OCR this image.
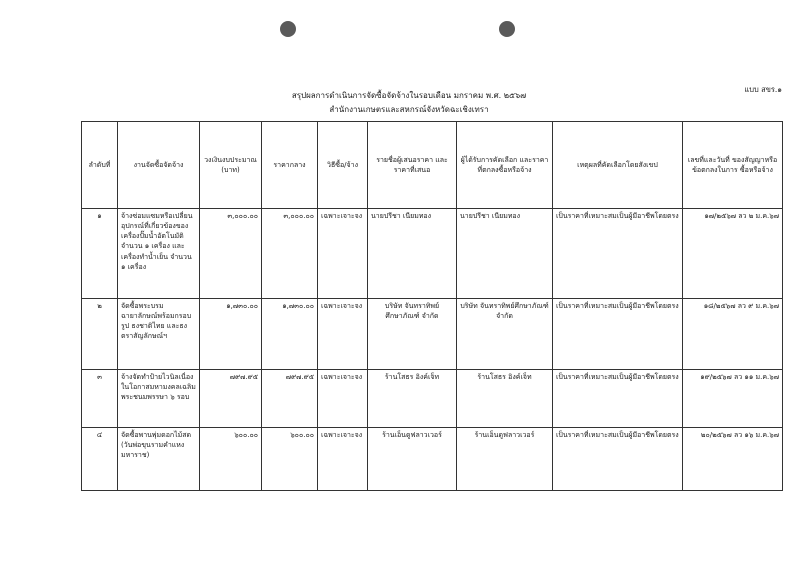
แบบ สขร.๑
สรุปผลการดำเนินการจัดซื้อจัดจ้างในรอบเดือน มกราคม พ.ศ. ๒๕๖๗
สำนักงานเกษตรและสหกรณ์จังหวัดฉะเชิงเทรา
ลำดับที่	งานจัดซื้อจัดจ้าง	วงเงินงบประมาณ (บาท)	ราคากลาง	วิธีซื้อ/จ้าง	รายชื่อผู้เสนอราคา และราคาที่เสนอ	ผู้ได้รับการคัดเลือก และราคาที่ตกลงซื้อหรือจ้าง	เหตุผลที่คัดเลือกโดยสังเขป	เลขที่และวันที่ ของสัญญาหรือ ข้อตกลงในการ ซื้อหรือจ้าง
๑	จ้างซ่อมแซมหรือเปลี่ยนอุปกรณ์ที่เกี่ยวข้องของเครื่องปั๊มน้ำอัตโนมัติ จำนวน ๑ เครื่อง และเครื่องทำน้ำเย็น จำนวน ๑ เครื่อง	๓,๐๐๐.๐๐	๓,๐๐๐.๐๐	เฉพาะเจาะจง	นายปรีชา เนียมทอง	นายปรีชา เนียมทอง	เป็นราคาที่เหมาะสมเป็นผู้มีอาชีพโดยตรง	๑๗/๒๕๖๗ ลว ๒ ม.ค.๖๗
๒	จัดซื้อพระบรมฉายาลักษณ์พร้อมกรอบรูป ธงชาติไทย และธงตราสัญลักษณ์ฯ	๑,๗๓๐.๐๐	๑,๗๓๐.๐๐	เฉพาะเจาะจง	บริษัท จันทราทิพย์ศึกษาภัณฑ์ จำกัด	บริษัท จันทราทิพย์ศึกษาภัณฑ์ จำกัด	เป็นราคาที่เหมาะสมเป็นผู้มีอาชีพโดยตรง	๑๘/๒๕๖๗ ลว ๙ ม.ค.๖๗
๓	จ้างจัดทำป้ายไวนิลเนื่องในโอกาสมหามงคลเฉลิมพระชนมพรรษา ๖ รอบ	๗๙๗.๙๕	๗๙๗.๙๕	เฉพาะเจาะจง	ร้านโสธร อิงค์เจ็ท	ร้านโสธร อิงค์เจ็ท	เป็นราคาที่เหมาะสมเป็นผู้มีอาชีพโดยตรง	๑๙/๒๕๖๗ ลว ๑๑ ม.ค.๖๗
๔	จัดซื้อพานพุ่มดอกไม้สด (วันพ่อขุนรามคำแหงมหาราช)	๖๐๐.๐๐	๖๐๐.๐๐	เฉพาะเจาะจง	ร้านเอ็นดูฟลาวเวอร์	ร้านเอ็นดูฟลาวเวอร์	เป็นราคาที่เหมาะสมเป็นผู้มีอาชีพโดยตรง	๒๐/๒๕๖๗ ลว ๑๖ ม.ค.๖๗
